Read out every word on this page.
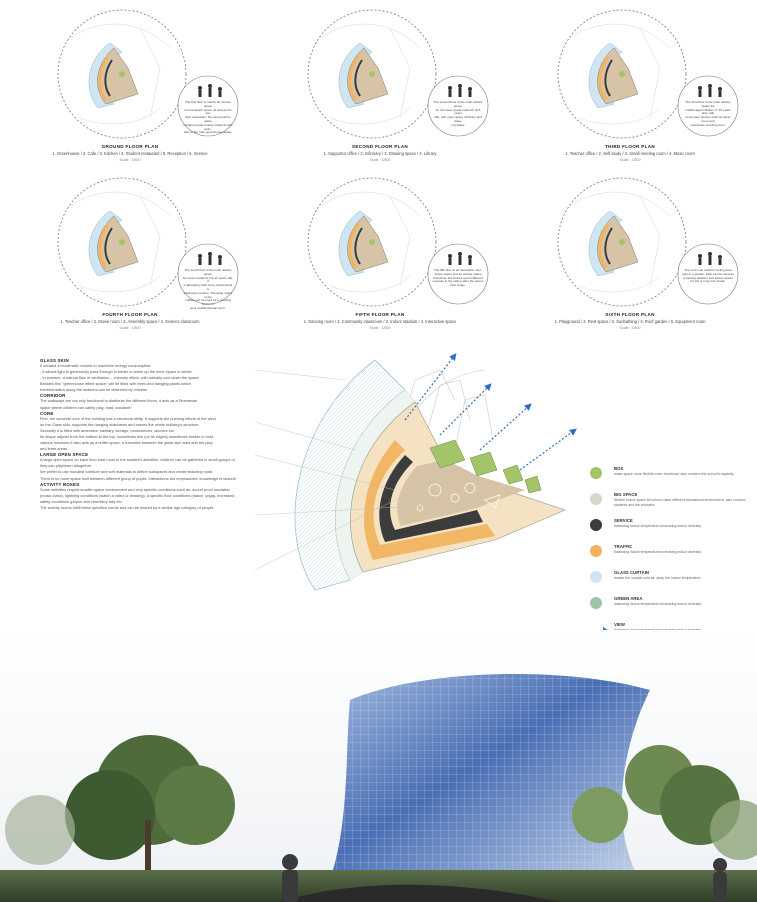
The first floor is mainly for service space
and reception space as well as the stu-
dent restaurant, the semi-exterior glass
curtain provide interity students with activ-
ities in the main greenhouse space
GROUND FLOOR PLAN
1. Greenhouse / 2. Cafe / 3. Kitchen / 4. Student restaurant / 5. Reception / 6. Service
Scale : 1/800
The second floor is the main activity space
for the lower grade students (6-8 years
old), with open space of library and draw-
ing space
SECOND FLOOR PLAN
1. Supportor office / 2. Infirmary / 3. Drawing space / 4. Library
Scale : 1/800
The third floor is the main activity space for
middle-aged children (7-10 years old), with
semi-open spaces such as study room and
interactive meeting room.
THIRD FLOOR PLAN
1. Teacher office / 2. Self-study / 3. Small meeting room / 4. Music room
Scale : 1/800
The fourth floor is the main activity space
for senior students (11-12 years old). It
is laboratory with more professional or
advanced courses. The large space in the
middle can be used as a meeting space or
as a multifunctional room.
FOURTH FLOOR PLAN
1. Teacher office / 2. Movie room / 3. Assembly space / 4. Science classroom
Scale : 1/800
The fifth floor is an interactive inter-
active space and an activity space
that those kid should need sufficient
exercise in the indoor after the phone
time range.
FIFTH FLOOR PLAN
1. Dancing room / 2. Community classroom / 3. Indoor stadium / 4. Interactive space
Scale : 1/800
The roof is an outdoor resting area
play in a garden. Kids can be used as
a viewing platform and leisure space
for kid or long time break.
SIXTH FLOOR PLAN
1. Playground / 2. Rest space / 3. Sunbathing / 4. Roof garden / 5. Equipment room
Scale : 1/800
GLASS SKIN
It created a bioclimatic volume to maximize energy consumption:
- It allows light to generously pass through in winter to warm up the inner space in winter.
- In summer, a natural flow of ventilation -- chimney effect- will naturally cool down the space.
Besides this "greenhouse effect space" will be filled with trees and hanging plants which
transformation along the seasons can be observed by children.
CORRIDOR
The walkways are not only functional to distribute the different floors, it acts as a Piranesian
space where children can safely play, read, socialize!
CORE
First, the concrete core of the building has a structural utility. It supports the pushing efforts of the wind
on the Glass skin, supports the hanging staircases and braces the whole building's structure.
Secondly it is filled with amenities: sanitary, storage, bookshelves, alcoves etc.
Its shape adjusts from the bottom to the top, sometimes thin (on its edges) sometimes thicker to host
various functions.It also acts as a buffer space, a transition between the glass skin area and the play
and learn areas.
LARGE OPEN SPACE
A large open space on each floor host most of the student's activities: children can be gathered in small groups or
they can play/learn altogether.
We prefer to use movable furniture and soft materials to define subspaces and create teaching node.
There is no more space limit between different group of pupils. Interactions are emphasized, knowledge is shared!
ACTIVITY BOXES
Some activities require smaller space environment and very specific conditions such as: sound proof insulation
(music class), lightning conditions (watch a video or drawing), a specific floor conditions (dance, yoga), increased
safety conditions (physic and chemistry lab) etc.
The activity rooms fulfill these specifics needs and can be shared by a similar age category of people.
BOX
make space more flexible,more functional; also conform the school's capacity
BIG SPACE
flexible indoor space let school make different educational environment, also connect students and the educator.
SERVICE
balancing indoor temperature,increasing indoor diversity.
TRAFFIC
balancing indoor temperature,increasing indoor diversity.
GLASS CURTAIN
Isolate the outside cold air ,keep the indoor temperature.
GREEN AREA
balancing indoor temperature,increasing indoor diversity.
VIEW
